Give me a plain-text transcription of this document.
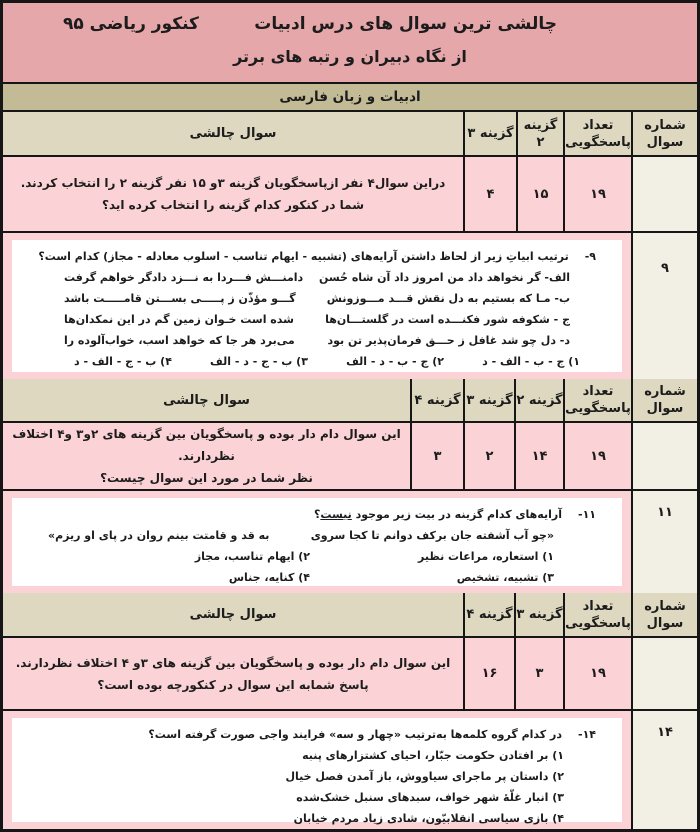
چالشی ترین سوال های درس ادبیات
کنکور ریاضی ۹۵
از نگاه دبیران و رتبه های برتر
ادبیات و زبان فارسی
شماره سوال
تعداد
پاسخگویی
گزینه ۲
گزینه ۳
سوال چالشی
۱۹
۱۵
۴
دراین سوال۴ نفر ازپاسخگویان گزینه ۳و ۱۵ نفر گزینه ۲ را انتخاب کردند.
شما در کنکور کدام گزینه را انتخاب کرده اید؟
۹
۹-
ترتیب ابیاتِ زیر از لحاظ داشتن آرایه‌های (تشبیه - ایهام تناسب - اسلوب معادله - مجاز) کدام است؟
الف- گر نخواهد داد من امروز داد آن شاه حُسن
دامنـــش فـــردا به نـــزد دادگر خواهم گرفت
ب- مـا که بستیم به دل نقش قـــد مـــوزونش
گـــو مؤذّن ز پـــــی بســـتن قامـــــت باشد
ج - شکوفه شور فکنـــده است در گلستـــان‌ها
شده است خـوان زمین گم در این نمکدان‌ها
د- دل چو شد غافل ز حـــق فرمان‌پذیر تن بود
می‌برد هر جا که خواهد اسب، خواب‌آلوده را
۱) ج - ب - الف - د
۲) ج - ب - د - الف
۳) ب - ج - د - الف
۴) ب - ج - الف - د
شماره سوال
تعداد
پاسخگویی
گزینه ۲
گزینه ۳
گزینه ۴
سوال چالشی
۱۹
۱۴
۲
۳
این سوال دام دار بوده و پاسخگویان بین گزینه های ۲و۳ و۴ اختلاف نظردارند.
نظر شما در مورد این سوال چیست؟
۱۱
۱۱-
آرایه‌های کدام گزینه در بیت زیر موجود نیست؟
«چو آب آشفته جان برکف دوانم تا کجا سروی
به قد و قامتت بینم روان در پای او ریزم»
۱) استعاره، مراعات نظیر
۲) ایهام تناسب، مجاز
۳) تشبیه، تشخیص
۴) کنایه، جناس
شماره سوال
تعداد
پاسخگویی
گزینه ۳
گزینه ۴
سوال چالشی
۱۹
۳
۱۶
این سوال دام دار بوده و پاسخگویان بین گزینه های ۳و ۴ اختلاف نظردارند.
پاسخ شمابه این سوال در کنکورچه بوده است؟
۱۴
۱۴-
در کدام گروه کلمه‌ها به‌ترتیب «چهار و سه» فرایند واجی صورت گرفته است؟
۱) بر افتادن حکومت جبّار، احیای کشتزارهای پنبه
۲) داستان پر ماجرای سیاووش، باز آمدن فصل خیال
۳) انبار غلّهٔ شهر خواف، سبدهای سنبل خشک‌شده
۴) بازی سیاسی انقلابیّون، شادی زیاد مردم خیابان
